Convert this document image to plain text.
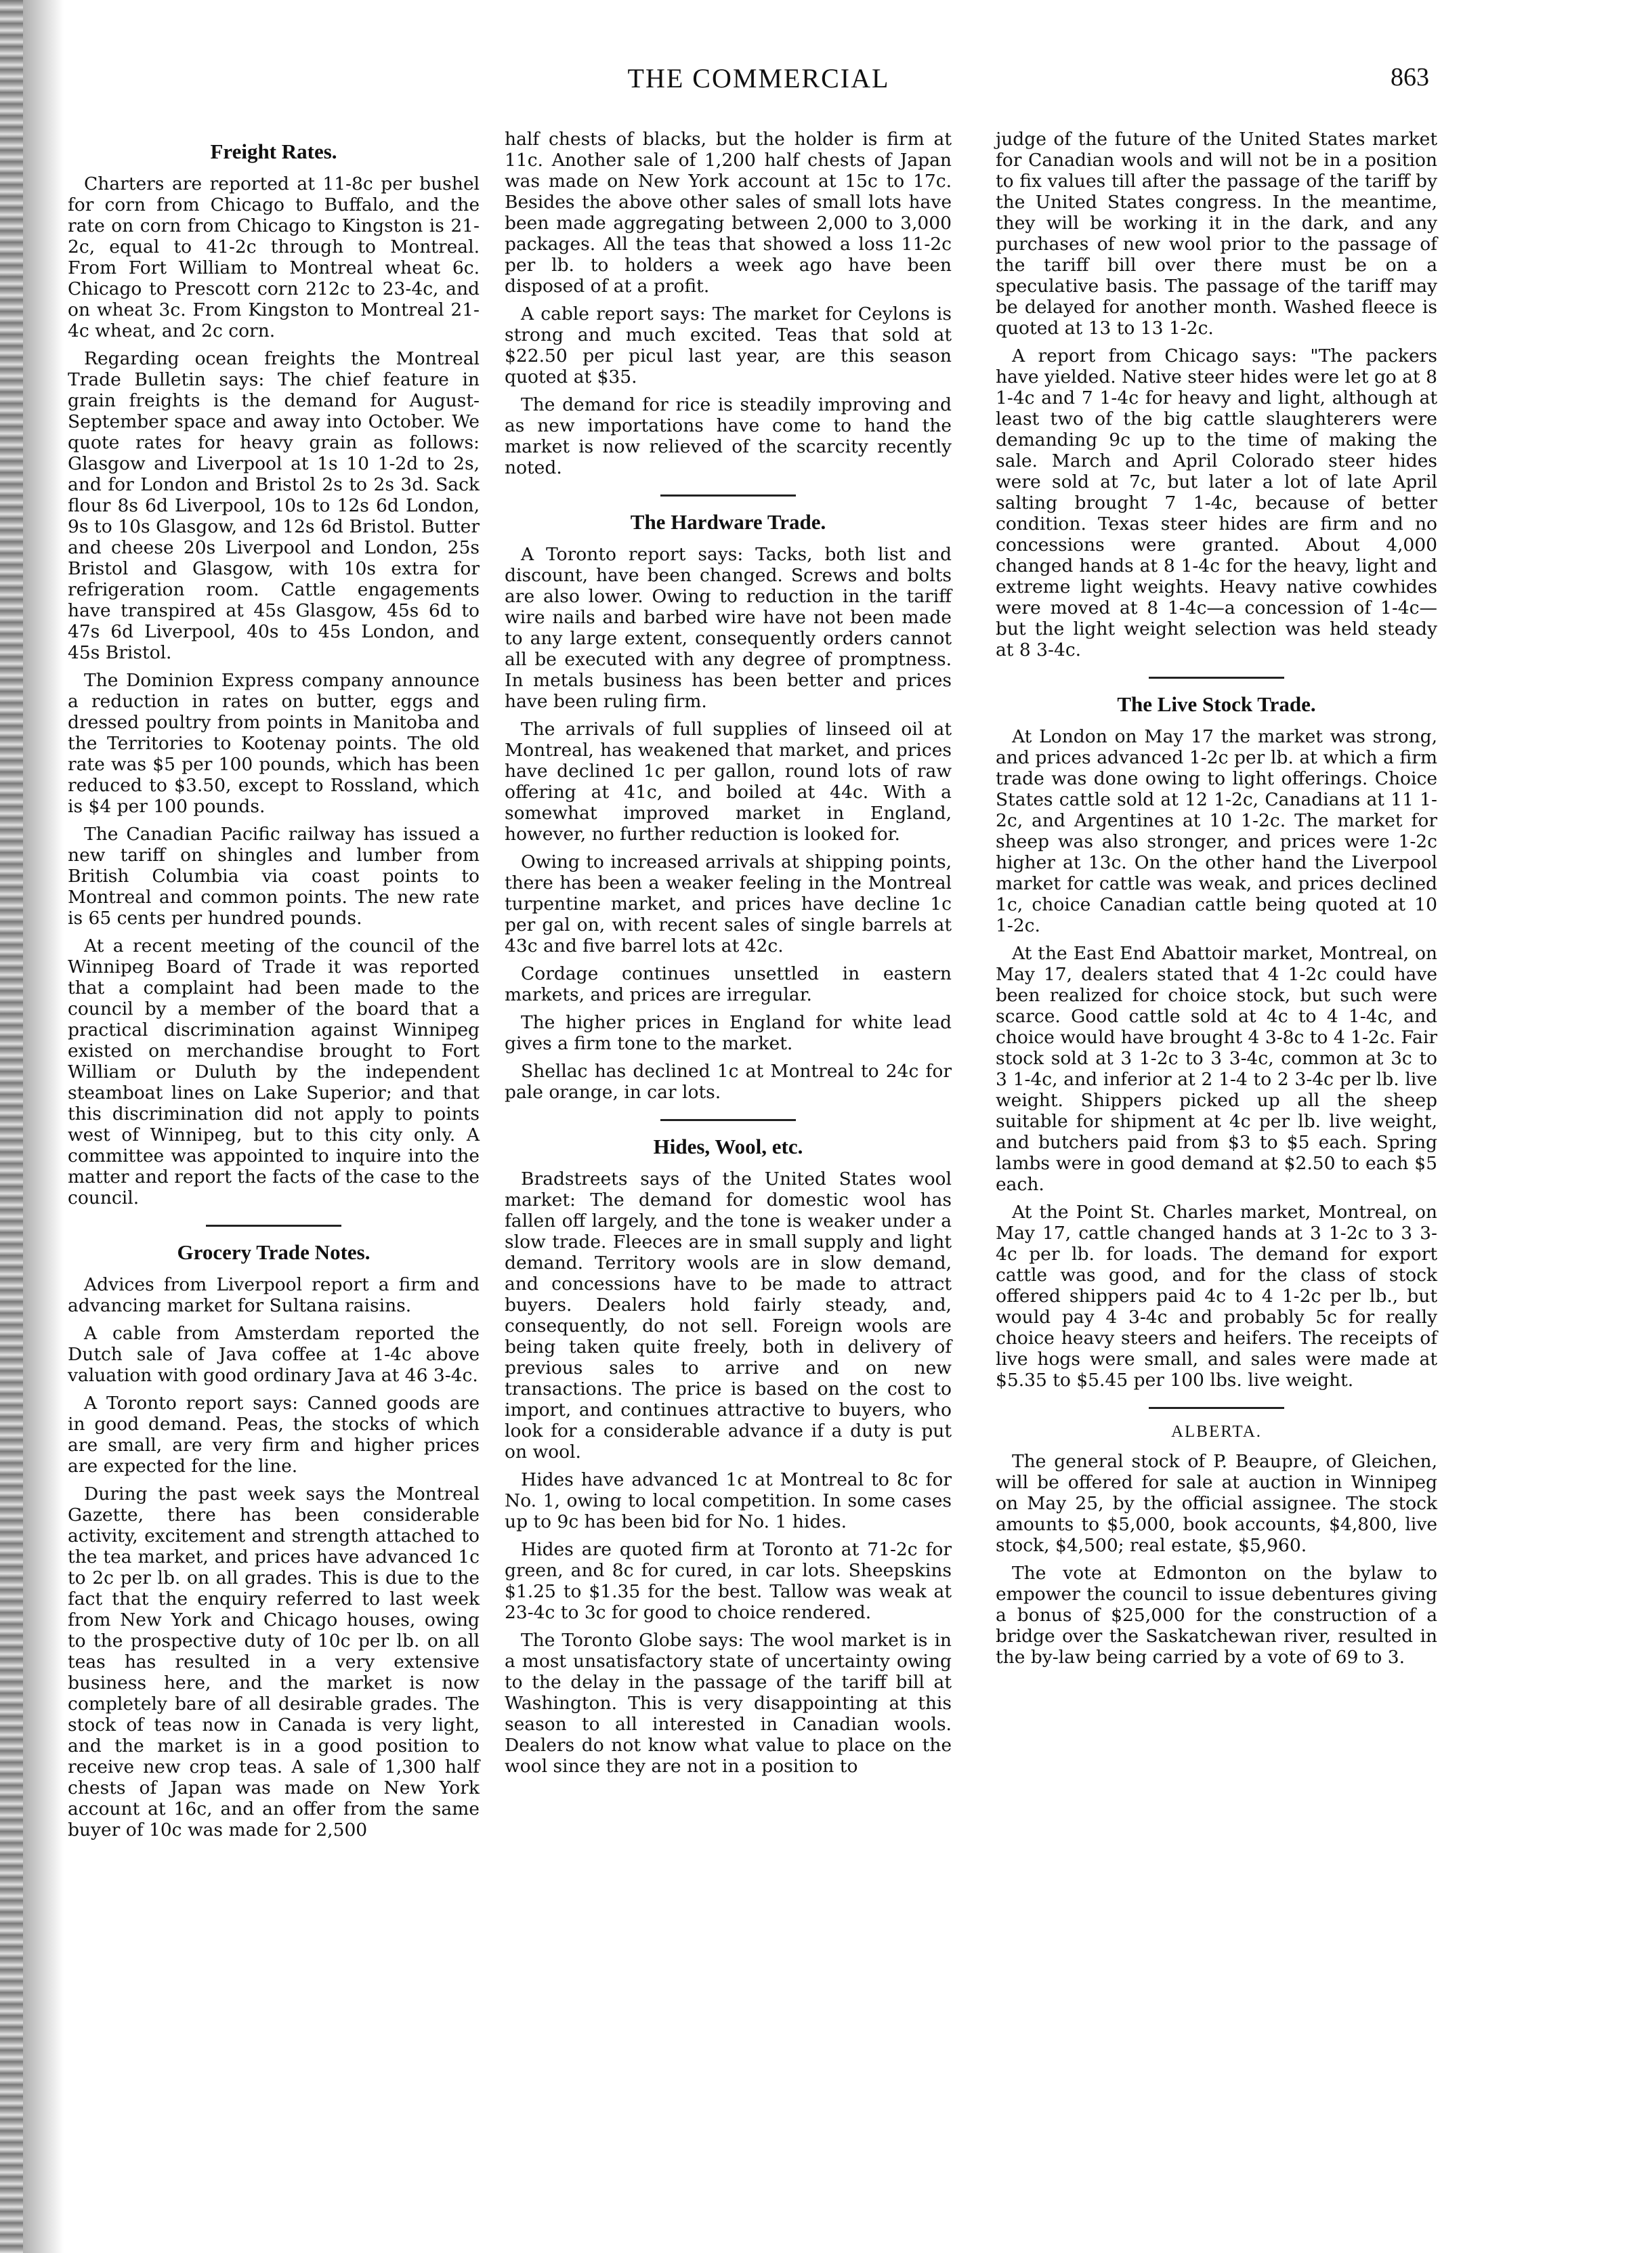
THE COMMERCIAL	863
Freight Rates.

Charters are reported at 11-8c per bushel for corn from Chicago to Buffalo, and the rate on corn from Chicago to Kingston is 21-2c, equal to 41-2c through to Montreal. From Fort William to Montreal wheat 6c. Chicago to Prescott corn 212c to 23-4c, and on wheat 3c. From Kingston to Montreal 21-4c wheat, and 2c corn.

Regarding ocean freights the Montreal Trade Bulletin says: The chief feature in grain freights is the demand for August-September space and away into October. We quote rates for heavy grain as follows: Glasgow and Liverpool at 1s 10 1-2d to 2s, and for London and Bristol 2s to 2s 3d. Sack flour 8s 6d Liverpool, 10s to 12s 6d London, 9s to 10s Glasgow, and 12s 6d Bristol. Butter and cheese 20s Liverpool and London, 25s Bristol and Glasgow, with 10s extra for refrigeration room. Cattle engagements have transpired at 45s Glasgow, 45s 6d to 47s 6d Liverpool, 40s to 45s London, and 45s Bristol.

The Dominion Express company announce a reduction in rates on butter, eggs and dressed poultry from points in Manitoba and the Territories to Kootenay points. The old rate was $5 per 100 pounds, which has been reduced to $3.50, except to Rossland, which is $4 per 100 pounds.

The Canadian Pacific railway has issued a new tariff on shingles and lumber from British Columbia via coast points to Montreal and common points. The new rate is 65 cents per hundred pounds.

At a recent meeting of the council of the Winnipeg Board of Trade it was reported that a complaint had been made to the council by a member of the board that a practical discrimination against Winnipeg existed on merchandise brought to Fort William or Duluth by the independent steamboat lines on Lake Superior; and that this discrimination did not apply to points west of Winnipeg, but to this city only. A committee was appointed to inquire into the matter and report the facts of the case to the council.

Grocery Trade Notes.

Advices from Liverpool report a firm and advancing market for Sultana raisins.

A cable from Amsterdam reported the Dutch sale of Java coffee at 1-4c above valuation with good ordinary Java at 46 3-4c.

A Toronto report says: Canned goods are in good demand. Peas, the stocks of which are small, are very firm and higher prices are expected for the line.

During the past week says the Montreal Gazette, there has been considerable activity, excitement and strength attached to the tea market, and prices have advanced 1c to 2c per lb. on all grades. This is due to the fact that the enquiry referred to last week from New York and Chicago houses, owing to the prospective duty of 10c per lb. on all teas has resulted in a very extensive business here, and the market is now completely bare of all desirable grades. The stock of teas now in Canada is very light, and the market is in a good position to receive new crop teas. A sale of 1,300 half chests of Japan was made on New York account at 16c, and an offer from the same buyer of 10c was made for 2,500

half chests of blacks, but the holder is firm at 11c. Another sale of 1,200 half chests of Japan was made on New York account at 15c to 17c. Besides the above other sales of small lots have been made aggregating between 2,000 to 3,000 packages. All the teas that showed a loss 11-2c per lb. to holders a week ago have been disposed of at a profit.

A cable report says: The market for Ceylons is strong and much excited. Teas that sold at $22.50 per picul last year, are this season quoted at $35.

The demand for rice is steadily improving and as new importations have come to hand the market is now relieved of the scarcity recently noted.

The Hardware Trade.

A Toronto report says: Tacks, both list and discount, have been changed. Screws and bolts are also lower. Owing to reduction in the tariff wire nails and barbed wire have not been made to any large extent, consequently orders cannot all be executed with any degree of promptness. In metals business has been better and prices have been ruling firm.

The arrivals of full supplies of linseed oil at Montreal, has weakened that market, and prices have declined 1c per gallon, round lots of raw offering at 41c, and boiled at 44c. With a somewhat improved market in England, however, no further reduction is looked for.

Owing to increased arrivals at shipping points, there has been a weaker feeling in the Montreal turpentine market, and prices have decline 1c per gal on, with recent sales of single barrels at 43c and five barrel lots at 42c.

Cordage continues unsettled in eastern markets, and prices are irregular.

The higher prices in England for white lead gives a firm tone to the market.

Shellac has declined 1c at Montreal to 24c for pale orange, in car lots.

Hides, Wool, etc.

Bradstreets says of the United States wool market: The demand for domestic wool has fallen off largely, and the tone is weaker under a slow trade. Fleeces are in small supply and light demand. Territory wools are in slow demand, and concessions have to be made to attract buyers. Dealers hold fairly steady, and, consequently, do not sell. Foreign wools are being taken quite freely, both in delivery of previous sales to arrive and on new transactions. The price is based on the cost to import, and continues attractive to buyers, who look for a considerable advance if a duty is put on wool.

Hides have advanced 1c at Montreal to 8c for No. 1, owing to local competition. In some cases up to 9c has been bid for No. 1 hides.

Hides are quoted firm at Toronto at 71-2c for green, and 8c for cured, in car lots. Sheepskins $1.25 to $1.35 for the best. Tallow was weak at 23-4c to 3c for good to choice rendered.

The Toronto Globe says: The wool market is in a most unsatisfactory state of uncertainty owing to the delay in the passage of the tariff bill at Washington. This is very disappointing at this season to all interested in Canadian wools. Dealers do not know what value to place on the wool since they are not in a position to

judge of the future of the United States market for Canadian wools and will not be in a position to fix values till after the passage of the tariff by the United States congress. In the meantime, they will be working it in the dark, and any purchases of new wool prior to the passage of the tariff bill over there must be on a speculative basis. The passage of the tariff may be delayed for another month. Washed fleece is quoted at 13 to 13 1-2c.

A report from Chicago says: "The packers have yielded. Native steer hides were let go at 8 1-4c and 7 1-4c for heavy and light, although at least two of the big cattle slaughterers were demanding 9c up to the time of making the sale. March and April Colorado steer hides were sold at 7c, but later a lot of late April salting brought 7 1-4c, because of better condition. Texas steer hides are firm and no concessions were granted. About 4,000 changed hands at 8 1-4c for the heavy, light and extreme light weights. Heavy native cowhides were moved at 8 1-4c—a concession of 1-4c—but the light weight selection was held steady at 8 3-4c.

The Live Stock Trade.

At London on May 17 the market was strong, and prices advanced 1-2c per lb. at which a firm trade was done owing to light offerings. Choice States cattle sold at 12 1-2c, Canadians at 11 1-2c, and Argentines at 10 1-2c. The market for sheep was also stronger, and prices were 1-2c higher at 13c. On the other hand the Liverpool market for cattle was weak, and prices declined 1c, choice Canadian cattle being quoted at 10 1-2c.

At the East End Abattoir market, Montreal, on May 17, dealers stated that 4 1-2c could have been realized for choice stock, but such were scarce. Good cattle sold at 4c to 4 1-4c, and choice would have brought 4 3-8c to 4 1-2c. Fair stock sold at 3 1-2c to 3 3-4c, common at 3c to 3 1-4c, and inferior at 2 1-4 to 2 3-4c per lb. live weight. Shippers picked up all the sheep suitable for shipment at 4c per lb. live weight, and butchers paid from $3 to $5 each. Spring lambs were in good demand at $2.50 to each $5 each.

At the Point St. Charles market, Montreal, on May 17, cattle changed hands at 3 1-2c to 3 3-4c per lb. for loads. The demand for export cattle was good, and for the class of stock offered shippers paid 4c to 4 1-2c per lb., but would pay 4 3-4c and probably 5c for really choice heavy steers and heifers. The receipts of live hogs were small, and sales were made at $5.35 to $5.45 per 100 lbs. live weight.

ALBERTA.

The general stock of P. Beaupre, of Gleichen, will be offered for sale at auction in Winnipeg on May 25, by the official assignee. The stock amounts to $5,000, book accounts, $4,800, live stock, $4,500; real estate, $5,960.

The vote at Edmonton on the bylaw to empower the council to issue debentures giving a bonus of $25,000 for the construction of a bridge over the Saskatchewan river, resulted in the by-law being carried by a vote of 69 to 3.
